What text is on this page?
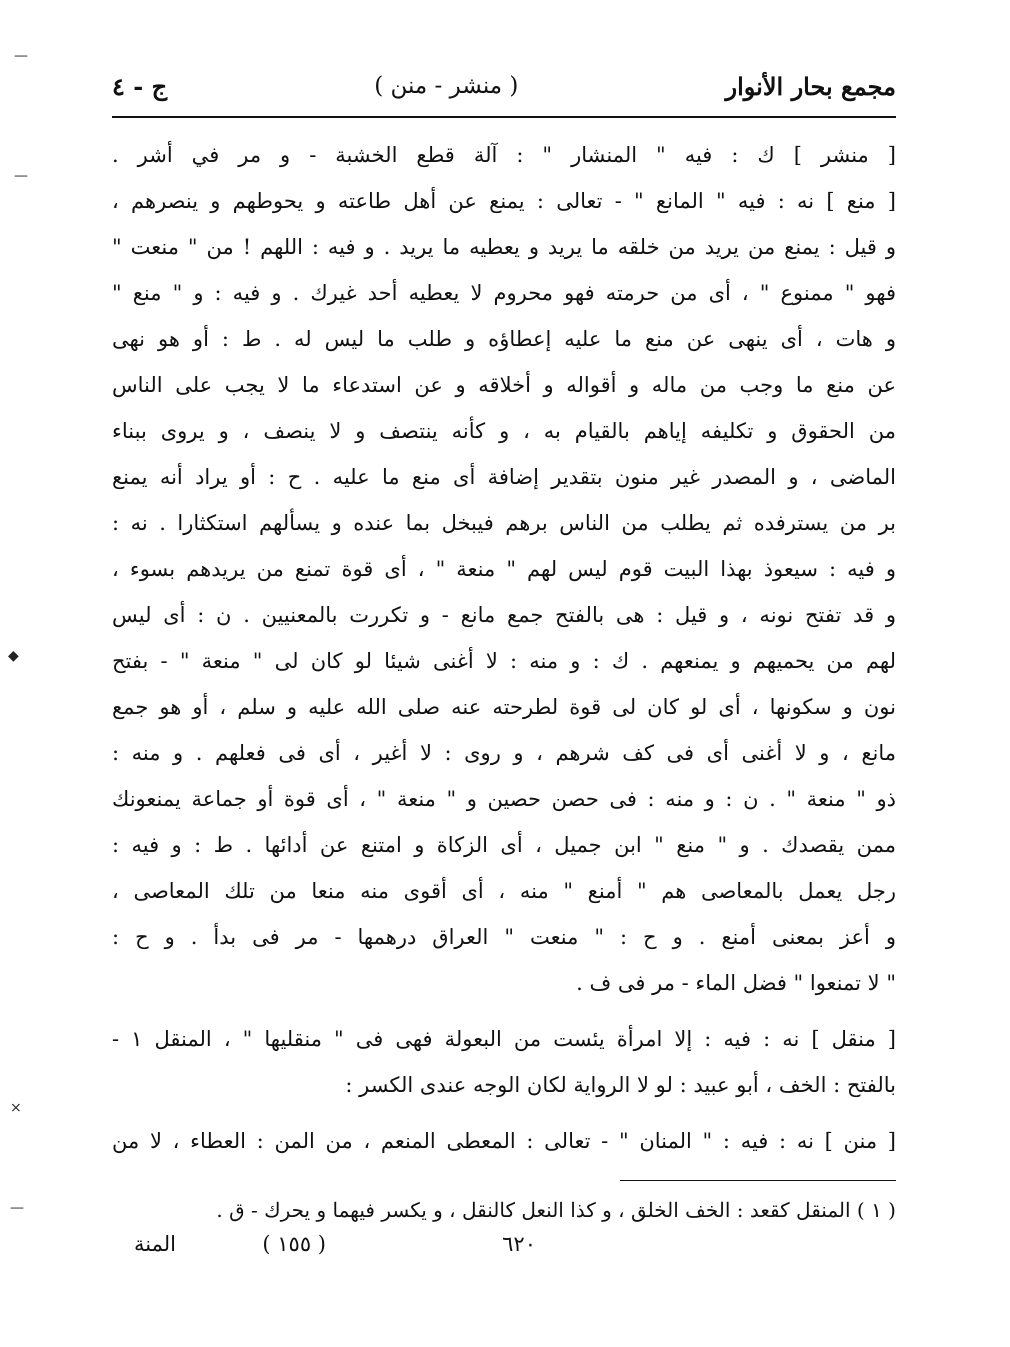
مجمع بحار الأنوار
( منشر - منن )
ج - ٤
[ منشر ] ك : فيه " المنشار " : آلة قطع الخشبة - و مر في أشر .
[ منع ] نه : فيه " المانع " - تعالى : يمنع عن أهل طاعته و يحوطهم و ينصرهم ،
و قيل : يمنع من يريد من خلقه ما يريد و يعطيه ما يريد . و فيه : اللهم ! من " منعت "
فهو " ممنوع " ، أى من حرمته فهو محروم لا يعطيه أحد غيرك . و فيه : و " منع "
و هات ، أى ينهى عن منع ما عليه إعطاؤه و طلب ما ليس له . ط : أو هو نهى
عن منع ما وجب من ماله و أقواله و أخلاقه و عن استدعاء ما لا يجب على الناس
من الحقوق و تكليفه إياهم بالقيام به ، و كأنه ينتصف و لا ينصف ، و يروى ببناء
الماضى ، و المصدر غير منون بتقدير إضافة أى منع ما عليه . ح : أو يراد أنه يمنع
بر من يسترفده ثم يطلب من الناس برهم فيبخل بما عنده و يسألهم استكثارا . نه :
و فيه : سيعوذ بهذا البيت قوم ليس لهم " منعة " ، أى قوة تمنع من يريدهم بسوء ،
و قد تفتح نونه ، و قيل : هى بالفتح جمع مانع - و تكررت بالمعنيين . ن : أى ليس
لهم من يحميهم و يمنعهم . ك : و منه : لا أغنى شيئا لو كان لى " منعة " - بفتح
نون و سكونها ، أى لو كان لى قوة لطرحته عنه صلى الله عليه و سلم ، أو هو جمع
مانع ، و لا أغنى أى فى كف شرهم ، و روى : لا أغير ، أى فى فعلهم . و منه :
ذو " منعة " . ن : و منه : فى حصن حصين و " منعة " ، أى قوة أو جماعة يمنعونك
ممن يقصدك . و " منع " ابن جميل ، أى الزكاة و امتنع عن أدائها . ط : و فيه :
رجل يعمل بالمعاصى هم " أمنع " منه ، أى أقوى منه منعا من تلك المعاصى ،
و أعز بمعنى أمنع . و ح : " منعت " العراق درهمها - مر فى بدأ . و ح :
" لا تمنعوا " فضل الماء - مر فى ف .
[ منقل ] نه : فيه : إلا امرأة يئست من البعولة فهى فى " منقليها " ، المنقل ١ -
بالفتح : الخف ، أبو عبيد : لو لا الرواية لكان الوجه عندى الكسر :
[ منن ] نه : فيه : " المنان " - تعالى : المعطى المنعم ، من المن : العطاء ، لا من
( ١ ) المنقل كقعد : الخف الخلق ، و كذا النعل كالنقل ، و يكسر فيهما و يحرك - ق .
المنة	( ١٥٥ )	٦٢٠
—
—
◆
×
—
